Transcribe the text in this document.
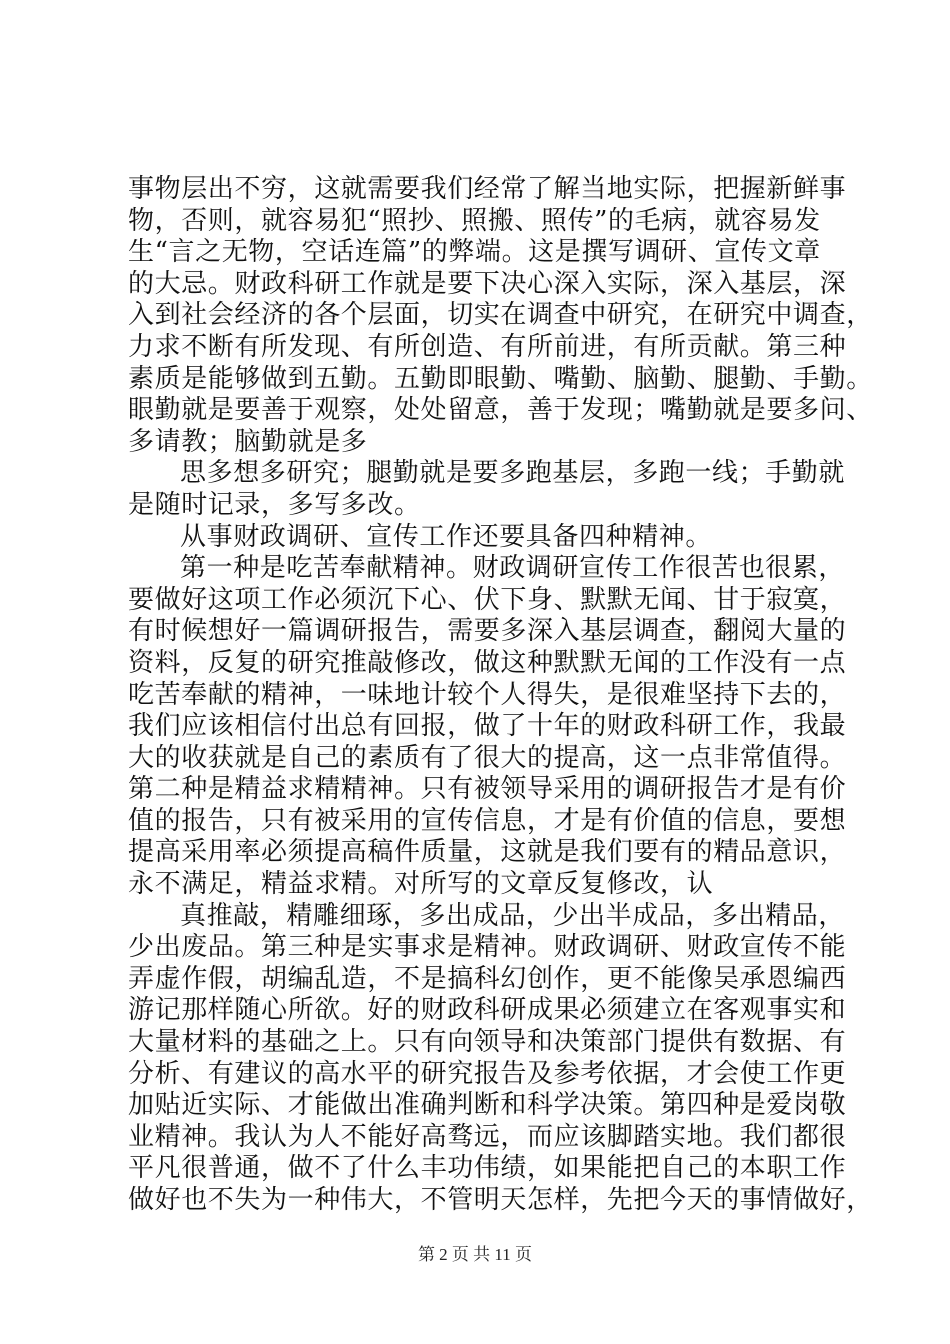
事物层出不穷，这就需要我们经常了解当地实际，把握新鲜事
物，否则，就容易犯“照抄、照搬、照传”的毛病，就容易发
生“言之无物，空话连篇”的弊端。这是撰写调研、宣传文章
的大忌。财政科研工作就是要下决心深入实际，深入基层，深
入到社会经济的各个层面，切实在调查中研究，在研究中调查，
力求不断有所发现、有所创造、有所前进，有所贡献。第三种
素质是能够做到五勤。五勤即眼勤、嘴勤、脑勤、腿勤、手勤。
眼勤就是要善于观察，处处留意，善于发现；嘴勤就是要多问、
多请教；脑勤就是多
思多想多研究；腿勤就是要多跑基层，多跑一线；手勤就
是随时记录，多写多改。
从事财政调研、宣传工作还要具备四种精神。
第一种是吃苦奉献精神。财政调研宣传工作很苦也很累，
要做好这项工作必须沉下心、伏下身、默默无闻、甘于寂寞，
有时候想好一篇调研报告，需要多深入基层调查，翻阅大量的
资料，反复的研究推敲修改，做这种默默无闻的工作没有一点
吃苦奉献的精神，一味地计较个人得失，是很难坚持下去的，
我们应该相信付出总有回报，做了十年的财政科研工作，我最
大的收获就是自己的素质有了很大的提高，这一点非常值得。
第二种是精益求精精神。只有被领导采用的调研报告才是有价
值的报告，只有被采用的宣传信息，才是有价值的信息，要想
提高采用率必须提高稿件质量，这就是我们要有的精品意识，
永不满足，精益求精。对所写的文章反复修改，认
真推敲，精雕细琢，多出成品，少出半成品，多出精品，
少出废品。第三种是实事求是精神。财政调研、财政宣传不能
弄虚作假，胡编乱造，不是搞科幻创作，更不能像吴承恩编西
游记那样随心所欲。好的财政科研成果必须建立在客观事实和
大量材料的基础之上。只有向领导和决策部门提供有数据、有
分析、有建议的高水平的研究报告及参考依据，才会使工作更
加贴近实际、才能做出准确判断和科学决策。第四种是爱岗敬
业精神。我认为人不能好高骛远，而应该脚踏实地。我们都很
平凡很普通，做不了什么丰功伟绩，如果能把自己的本职工作
做好也不失为一种伟大，不管明天怎样，先把今天的事情做好，
第 2 页 共 11 页
